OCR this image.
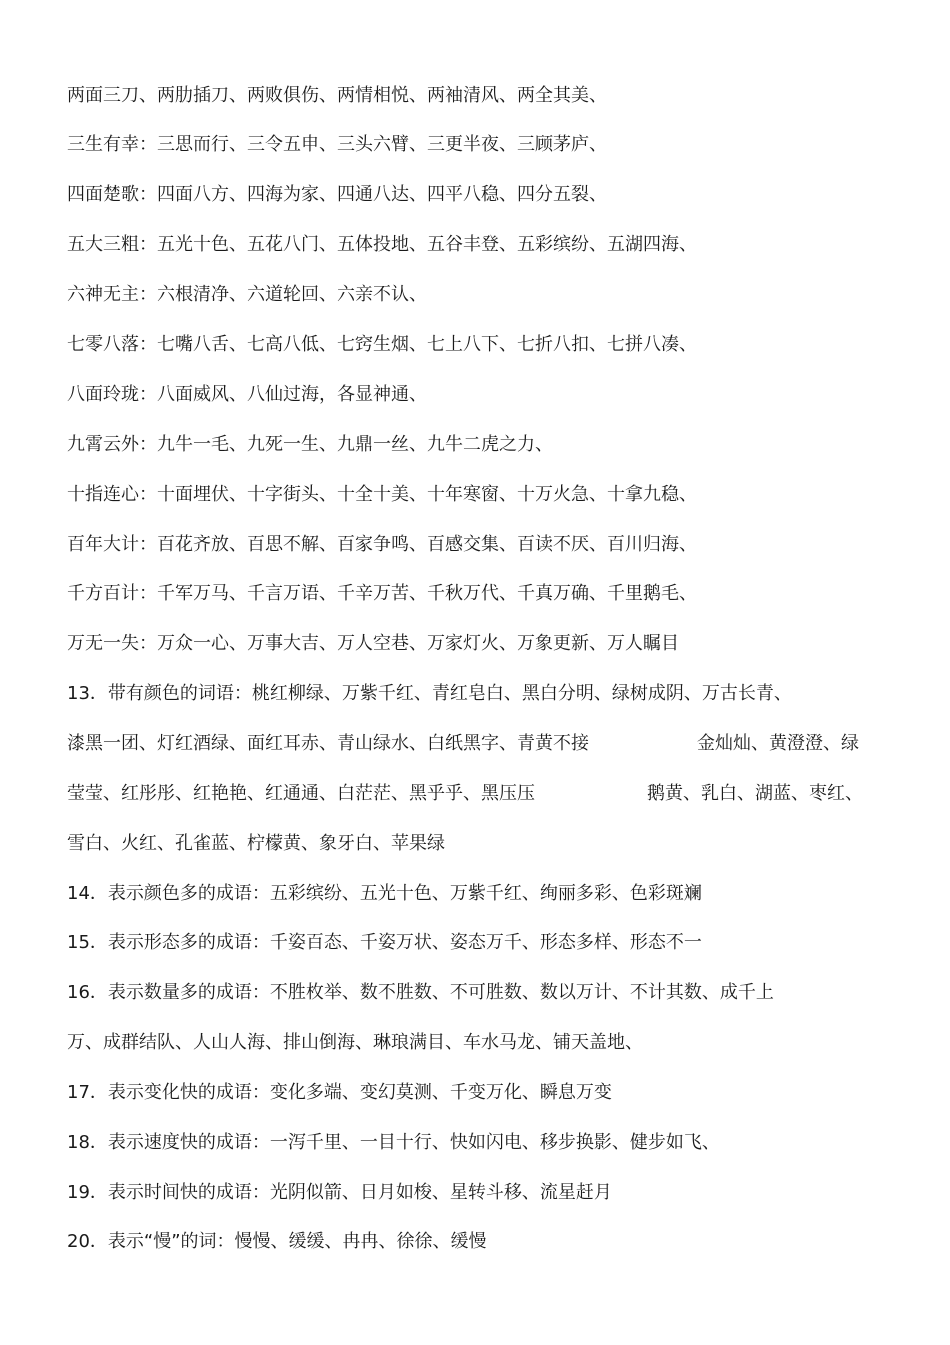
两面三刀、两肋插刀、两败俱伤、两情相悦、两袖清风、两全其美、
三生有幸：三思而行、三令五申、三头六臂、三更半夜、三顾茅庐、
四面楚歌：四面八方、四海为家、四通八达、四平八稳、四分五裂、
五大三粗：五光十色、五花八门、五体投地、五谷丰登、五彩缤纷、五湖四海、
六神无主：六根清净、六道轮回、六亲不认、
七零八落：七嘴八舌、七高八低、七窍生烟、七上八下、七折八扣、七拼八凑、
八面玲珑：八面威风、八仙过海，各显神通、
九霄云外：九牛一毛、九死一生、九鼎一丝、九牛二虎之力、
十指连心：十面埋伏、十字街头、十全十美、十年寒窗、十万火急、十拿九稳、
百年大计：百花齐放、百思不解、百家争鸣、百感交集、百读不厌、百川归海、
千方百计：千军万马、千言万语、千辛万苦、千秋万代、千真万确、千里鹅毛、
万无一失：万众一心、万事大吉、万人空巷、万家灯火、万象更新、万人瞩目
13．带有颜色的词语：桃红柳绿、万紫千红、青红皂白、黑白分明、绿树成阴、万古长青、
漆黑一团、灯红酒绿、面红耳赤、青山绿水、白纸黑字、青黄不接	金灿灿、黄澄澄、绿
莹莹、红彤彤、红艳艳、红通通、白茫茫、黑乎乎、黑压压	鹅黄、乳白、湖蓝、枣红、
雪白、火红、孔雀蓝、柠檬黄、象牙白、苹果绿
14．表示颜色多的成语：五彩缤纷、五光十色、万紫千红、绚丽多彩、色彩斑斓
15．表示形态多的成语：千姿百态、千姿万状、姿态万千、形态多样、形态不一
16．表示数量多的成语：不胜枚举、数不胜数、不可胜数、数以万计、不计其数、成千上
万、成群结队、人山人海、排山倒海、琳琅满目、车水马龙、铺天盖地、
17．表示变化快的成语：变化多端、变幻莫测、千变万化、瞬息万变
18．表示速度快的成语：一泻千里、一目十行、快如闪电、移步换影、健步如飞、
19．表示时间快的成语：光阴似箭、日月如梭、星转斗移、流星赶月
20．表示“慢”的词：慢慢、缓缓、冉冉、徐徐、缓慢
